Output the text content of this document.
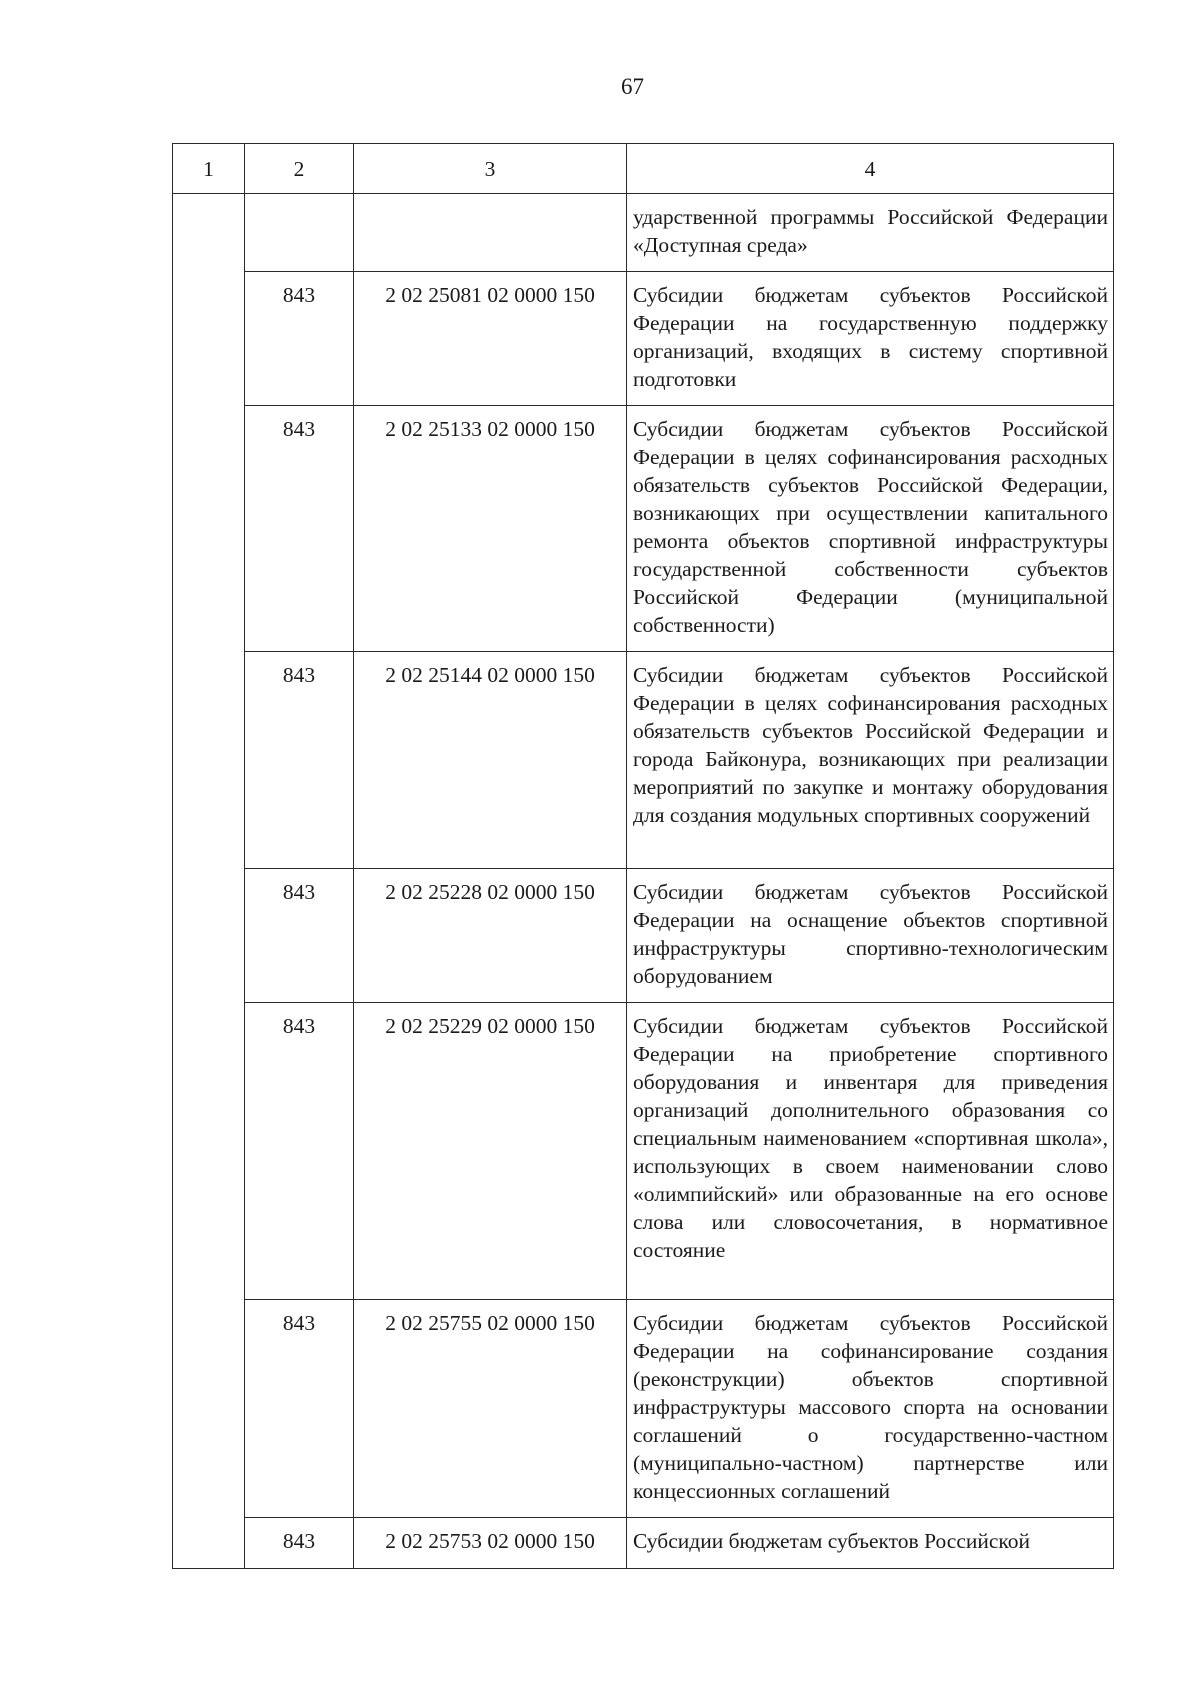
67
1	2	3	4
			ударственной программы Российской Федерации «Доступная среда»
	843	2 02 25081 02 0000 150	Субсидии бюджетам субъектов Российской Федерации на государственную поддержку организаций, входящих в систему спортивной подготовки
	843	2 02 25133 02 0000 150	Субсидии бюджетам субъектов Российской Федерации в целях софинансирования расходных обязательств субъектов Российской Федерации, возникающих при осуществлении капитального ремонта объектов спортивной инфраструктуры государственной собственности субъектов Российской Федерации (муниципальной собственности)
	843	2 02 25144 02 0000 150	Субсидии бюджетам субъектов Российской Федерации в целях софинансирования расходных обязательств субъектов Российской Федерации и города Байконура, возникающих при реализации мероприятий по закупке и монтажу оборудования для создания модульных спортивных сооружений
	843	2 02 25228 02 0000 150	Субсидии бюджетам субъектов Российской Федерации на оснащение объектов спортивной инфраструктуры спортивно-технологическим оборудованием
	843	2 02 25229 02 0000 150	Субсидии бюджетам субъектов Российской Федерации на приобретение спортивного оборудования и инвентаря для приведения организаций дополнительного образования со специальным наименованием «спортивная школа», использующих в своем наименовании слово «олимпийский» или образованные на его основе слова или словосочетания, в нормативное состояние
	843	2 02 25755 02 0000 150	Субсидии бюджетам субъектов Российской Федерации на софинансирование создания (реконструкции) объектов спортивной инфраструктуры массового спорта на основании соглашений о государственно-частном (муниципально-частном) партнерстве или концессионных соглашений
	843	2 02 25753 02 0000 150	Субсидии бюджетам субъектов Российской
